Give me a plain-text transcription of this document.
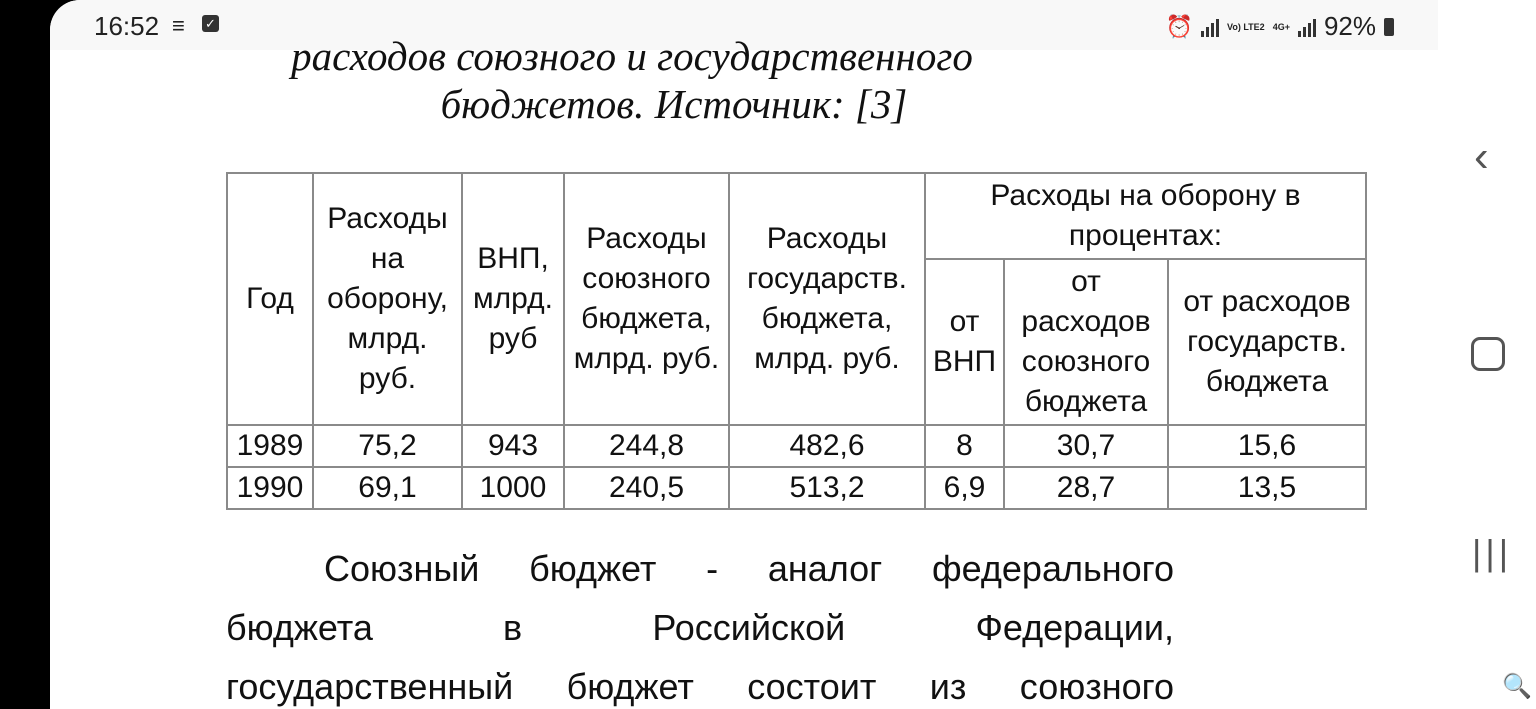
16:52 ≡ ✓	⏰	Vo) LTE2 4G+ 92%
расходов союзного и государственного
бюджетов. Источник: [3]
Год	Расходы на оборону, млрд. руб.	ВНП, млрд. руб	Расходы союзного бюджета, млрд. руб.	Расходы государств. бюджета, млрд. руб.	Расходы на оборону в процентах:		
					от ВНП	от расходов союзного бюджета	от расходов государств. бюджета
1989	75,2	943	244,8	482,6	8	30,7	15,6
1990	69,1	1000	240,5	513,2	6,9	28,7	13,5
Союзный бюджет - аналог федерального
бюджета в Российской Федерации,
государственный бюджет состоит из союзного
‹
|||
🔍
